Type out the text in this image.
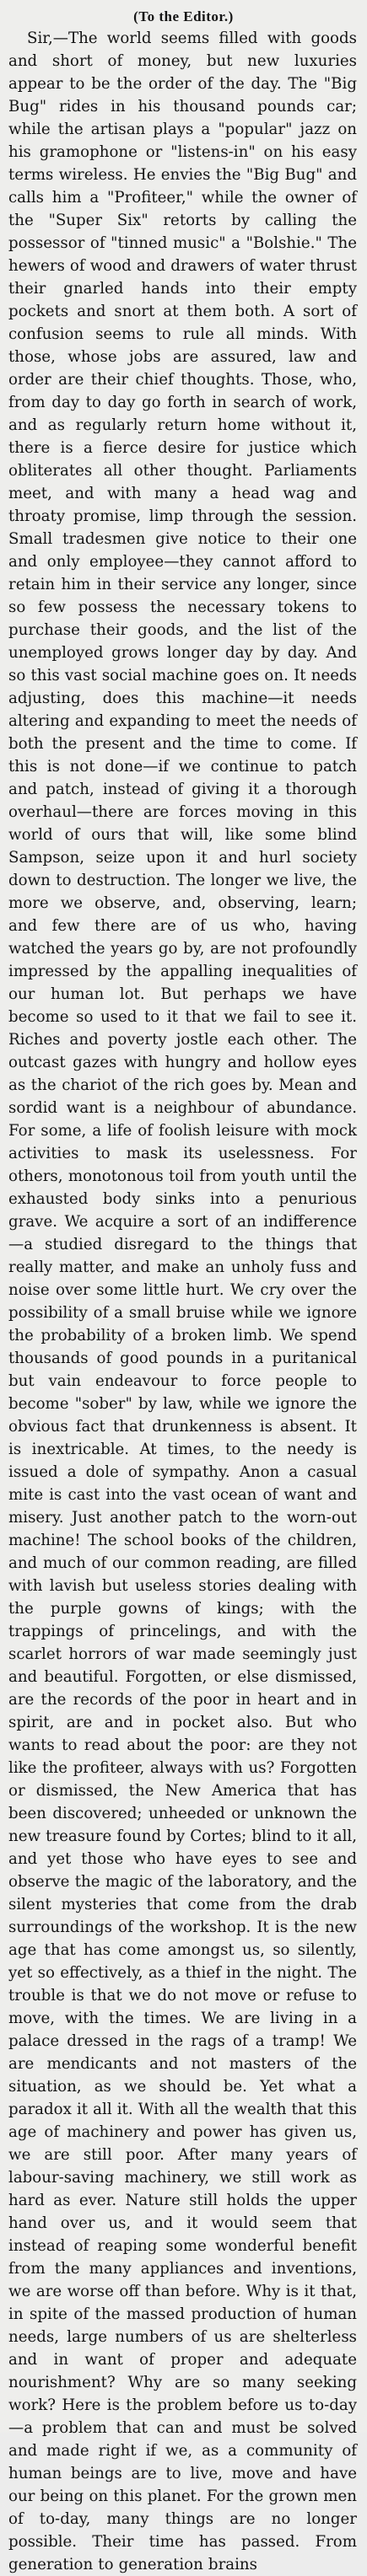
(To the Editor.)

Sir,—The world seems filled with goods and short of money, but new luxuries appear to be the order of the day. The "Big Bug" rides in his thousand pounds car; while the artisan plays a "popular" jazz on his gramophone or "listens-in" on his easy terms wireless. He envies the "Big Bug" and calls him a "Profiteer," while the owner of the "Super Six" retorts by calling the possessor of "tinned music" a "Bolshie." The hewers of wood and drawers of water thrust their gnarled hands into their empty pockets and snort at them both. A sort of confusion seems to rule all minds. With those, whose jobs are assured, law and order are their chief thoughts. Those, who, from day to day go forth in search of work, and as regularly return home without it, there is a fierce desire for justice which obliterates all other thought. Parliaments meet, and with many a head wag and throaty promise, limp through the session. Small tradesmen give notice to their one and only employee—they cannot afford to retain him in their service any longer, since so few possess the necessary tokens to purchase their goods, and the list of the unemployed grows longer day by day. And so this vast social machine goes on. It needs adjusting, does this machine—it needs altering and expanding to meet the needs of both the present and the time to come. If this is not done—if we continue to patch and patch, instead of giving it a thorough overhaul—there are forces moving in this world of ours that will, like some blind Sampson, seize upon it and hurl society down to destruction. The longer we live, the more we observe, and, observing, learn; and few there are of us who, having watched the years go by, are not profoundly impressed by the appalling inequalities of our human lot. But perhaps we have become so used to it that we fail to see it. Riches and poverty jostle each other. The outcast gazes with hungry and hollow eyes as the chariot of the rich goes by. Mean and sordid want is a neighbour of abundance. For some, a life of foolish leisure with mock activities to mask its uselessness. For others, monotonous toil from youth until the exhausted body sinks into a penurious grave. We acquire a sort of an indifference—a studied disregard to the things that really matter, and make an unholy fuss and noise over some little hurt. We cry over the possibility of a small bruise while we ignore the probability of a broken limb. We spend thousands of good pounds in a puritanical but vain endeavour to force people to become "sober" by law, while we ignore the obvious fact that drunkenness is absent. It is inextricable. At times, to the needy is issued a dole of sympathy. Anon a casual mite is cast into the vast ocean of want and misery. Just another patch to the worn-out machine! The school books of the children, and much of our common reading, are filled with lavish but useless stories dealing with the purple gowns of kings; with the trappings of princelings, and with the scarlet horrors of war made seemingly just and beautiful. Forgotten, or else dismissed, are the records of the poor in heart and in spirit, are and in pocket also. But who wants to read about the poor: are they not like the profiteer, always with us? Forgotten or dismissed, the New America that has been discovered; unheeded or unknown the new treasure found by Cortes; blind to it all, and yet those who have eyes to see and observe the magic of the laboratory, and the silent mysteries that come from the drab surroundings of the workshop. It is the new age that has come amongst us, so silently, yet so effectively, as a thief in the night. The trouble is that we do not move or refuse to move, with the times. We are living in a palace dressed in the rags of a tramp! We are mendicants and not masters of the situation, as we should be. Yet what a paradox it all it. With all the wealth that this age of machinery and power has given us, we are still poor. After many years of labour-saving machinery, we still work as hard as ever. Nature still holds the upper hand over us, and it would seem that instead of reaping some wonderful benefit from the many appliances and inventions, we are worse off than before. Why is it that, in spite of the massed production of human needs, large numbers of us are shelterless and in want of proper and adequate nourishment? Why are so many seeking work? Here is the problem before us to-day—a problem that can and must be solved and made right if we, as a community of human beings are to live, move and have our being on this planet. For the grown men of to-day, many things are no longer possible. Their time has passed. From generation to generation brains
